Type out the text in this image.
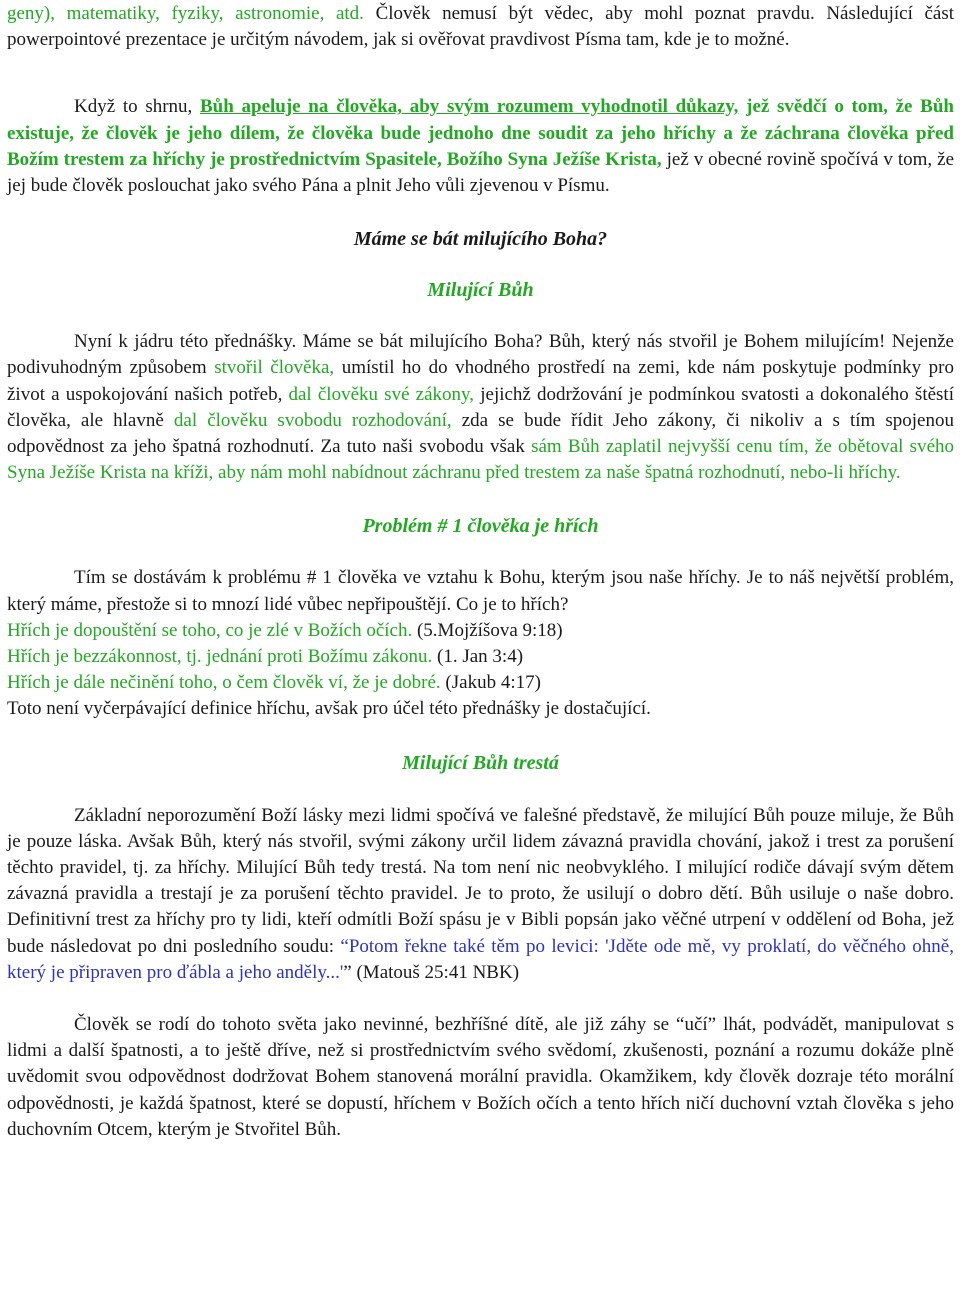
geny), matematiky, fyziky, astronomie, atd. Člověk nemusí být vědec, aby mohl poznat pravdu. Následující část powerpointové prezentace je určitým návodem, jak si ověřovat pravdivost Písma tam, kde je to možné.

Když to shrnu, Bůh apeluje na člověka, aby svým rozumem vyhodnotil důkazy, jež svědčí o tom, že Bůh existuje, že člověk je jeho dílem, že člověka bude jednoho dne soudit za jeho hříchy a že záchrana člověka před Božím trestem za hříchy je prostřednictvím Spasitele, Božího Syna Ježíše Krista, jež v obecné rovině spočívá v tom, že jej bude člověk poslouchat jako svého Pána a plnit Jeho vůli zjevenou v Písmu.

Máme se bát milujícího Boha?
Milující Bůh

Nyní k jádru této přednášky. Máme se bát milujícího Boha? Bůh, který nás stvořil je Bohem milujícím! Nejenže podivuhodným způsobem stvořil člověka, umístil ho do vhodného prostředí na zemi, kde nám poskytuje podmínky pro život a uspokojování našich potřeb, dal člověku své zákony, jejichž dodržování je podmínkou svatosti a dokonalého štěstí člověka, ale hlavně dal člověku svobodu rozhodování, zda se bude řídit Jeho zákony, či nikoliv a s tím spojenou odpovědnost za jeho špatná rozhodnutí. Za tuto naši svobodu však sám Bůh zaplatil nejvyšší cenu tím, že obětoval svého Syna Ježíše Krista na kříži, aby nám mohl nabídnout záchranu před trestem za naše špatná rozhodnutí, nebo-li hříchy.

Problém # 1 člověka je hřích

Tím se dostávám k problému # 1 člověka ve vztahu k Bohu, kterým jsou naše hříchy. Je to náš největší problém, který máme, přestože si to mnozí lidé vůbec nepřipouštějí. Co je to hřích?

Hřích je dopouštění se toho, co je zlé v Božích očích. (5.Mojžíšova 9:18)

Hřích je bezzákonnost, tj. jednání proti Božímu zákonu. (1. Jan 3:4)

Hřích je dále nečinění toho, o čem člověk ví, že je dobré. (Jakub 4:17)

Toto není vyčerpávající definice hříchu, avšak pro účel této přednášky je dostačující.

Milující Bůh trestá

Základní neporozumění Boží lásky mezi lidmi spočívá ve falešné představě, že milující Bůh pouze miluje, že Bůh je pouze láska. Avšak Bůh, který nás stvořil, svými zákony určil lidem závazná pravidla chování, jakož i trest za porušení těchto pravidel, tj. za hříchy. Milující Bůh tedy trestá. Na tom není nic neobvyklého. I milující rodiče dávají svým dětem závazná pravidla a trestají je za porušení těchto pravidel. Je to proto, že usilují o dobro dětí. Bůh usiluje o naše dobro. Definitivní trest za hříchy pro ty lidi, kteří odmítli Boží spásu je v Bibli popsán jako věčné utrpení v oddělení od Boha, jež bude následovat po dni posledního soudu: “Potom řekne také těm po levici: 'Jděte ode mě, vy proklatí, do věčného ohně, který je připraven pro ďábla a jeho anděly...'” (Matouš 25:41 NBK)

Člověk se rodí do tohoto světa jako nevinné, bezhříšné dítě, ale již záhy se “učí” lhát, podvádět, manipulovat s lidmi a další špatnosti, a to ještě dříve, než si prostřednictvím svého svědomí, zkušenosti, poznání a rozumu dokáže plně uvědomit svou odpovědnost dodržovat Bohem stanovená morální pravidla. Okamžikem, kdy člověk dozraje této morální odpovědnosti, je každá špatnost, které se dopustí, hříchem v Božích očích a tento hřích ničí duchovní vztah člověka s jeho duchovním Otcem, kterým je Stvořitel Bůh.
